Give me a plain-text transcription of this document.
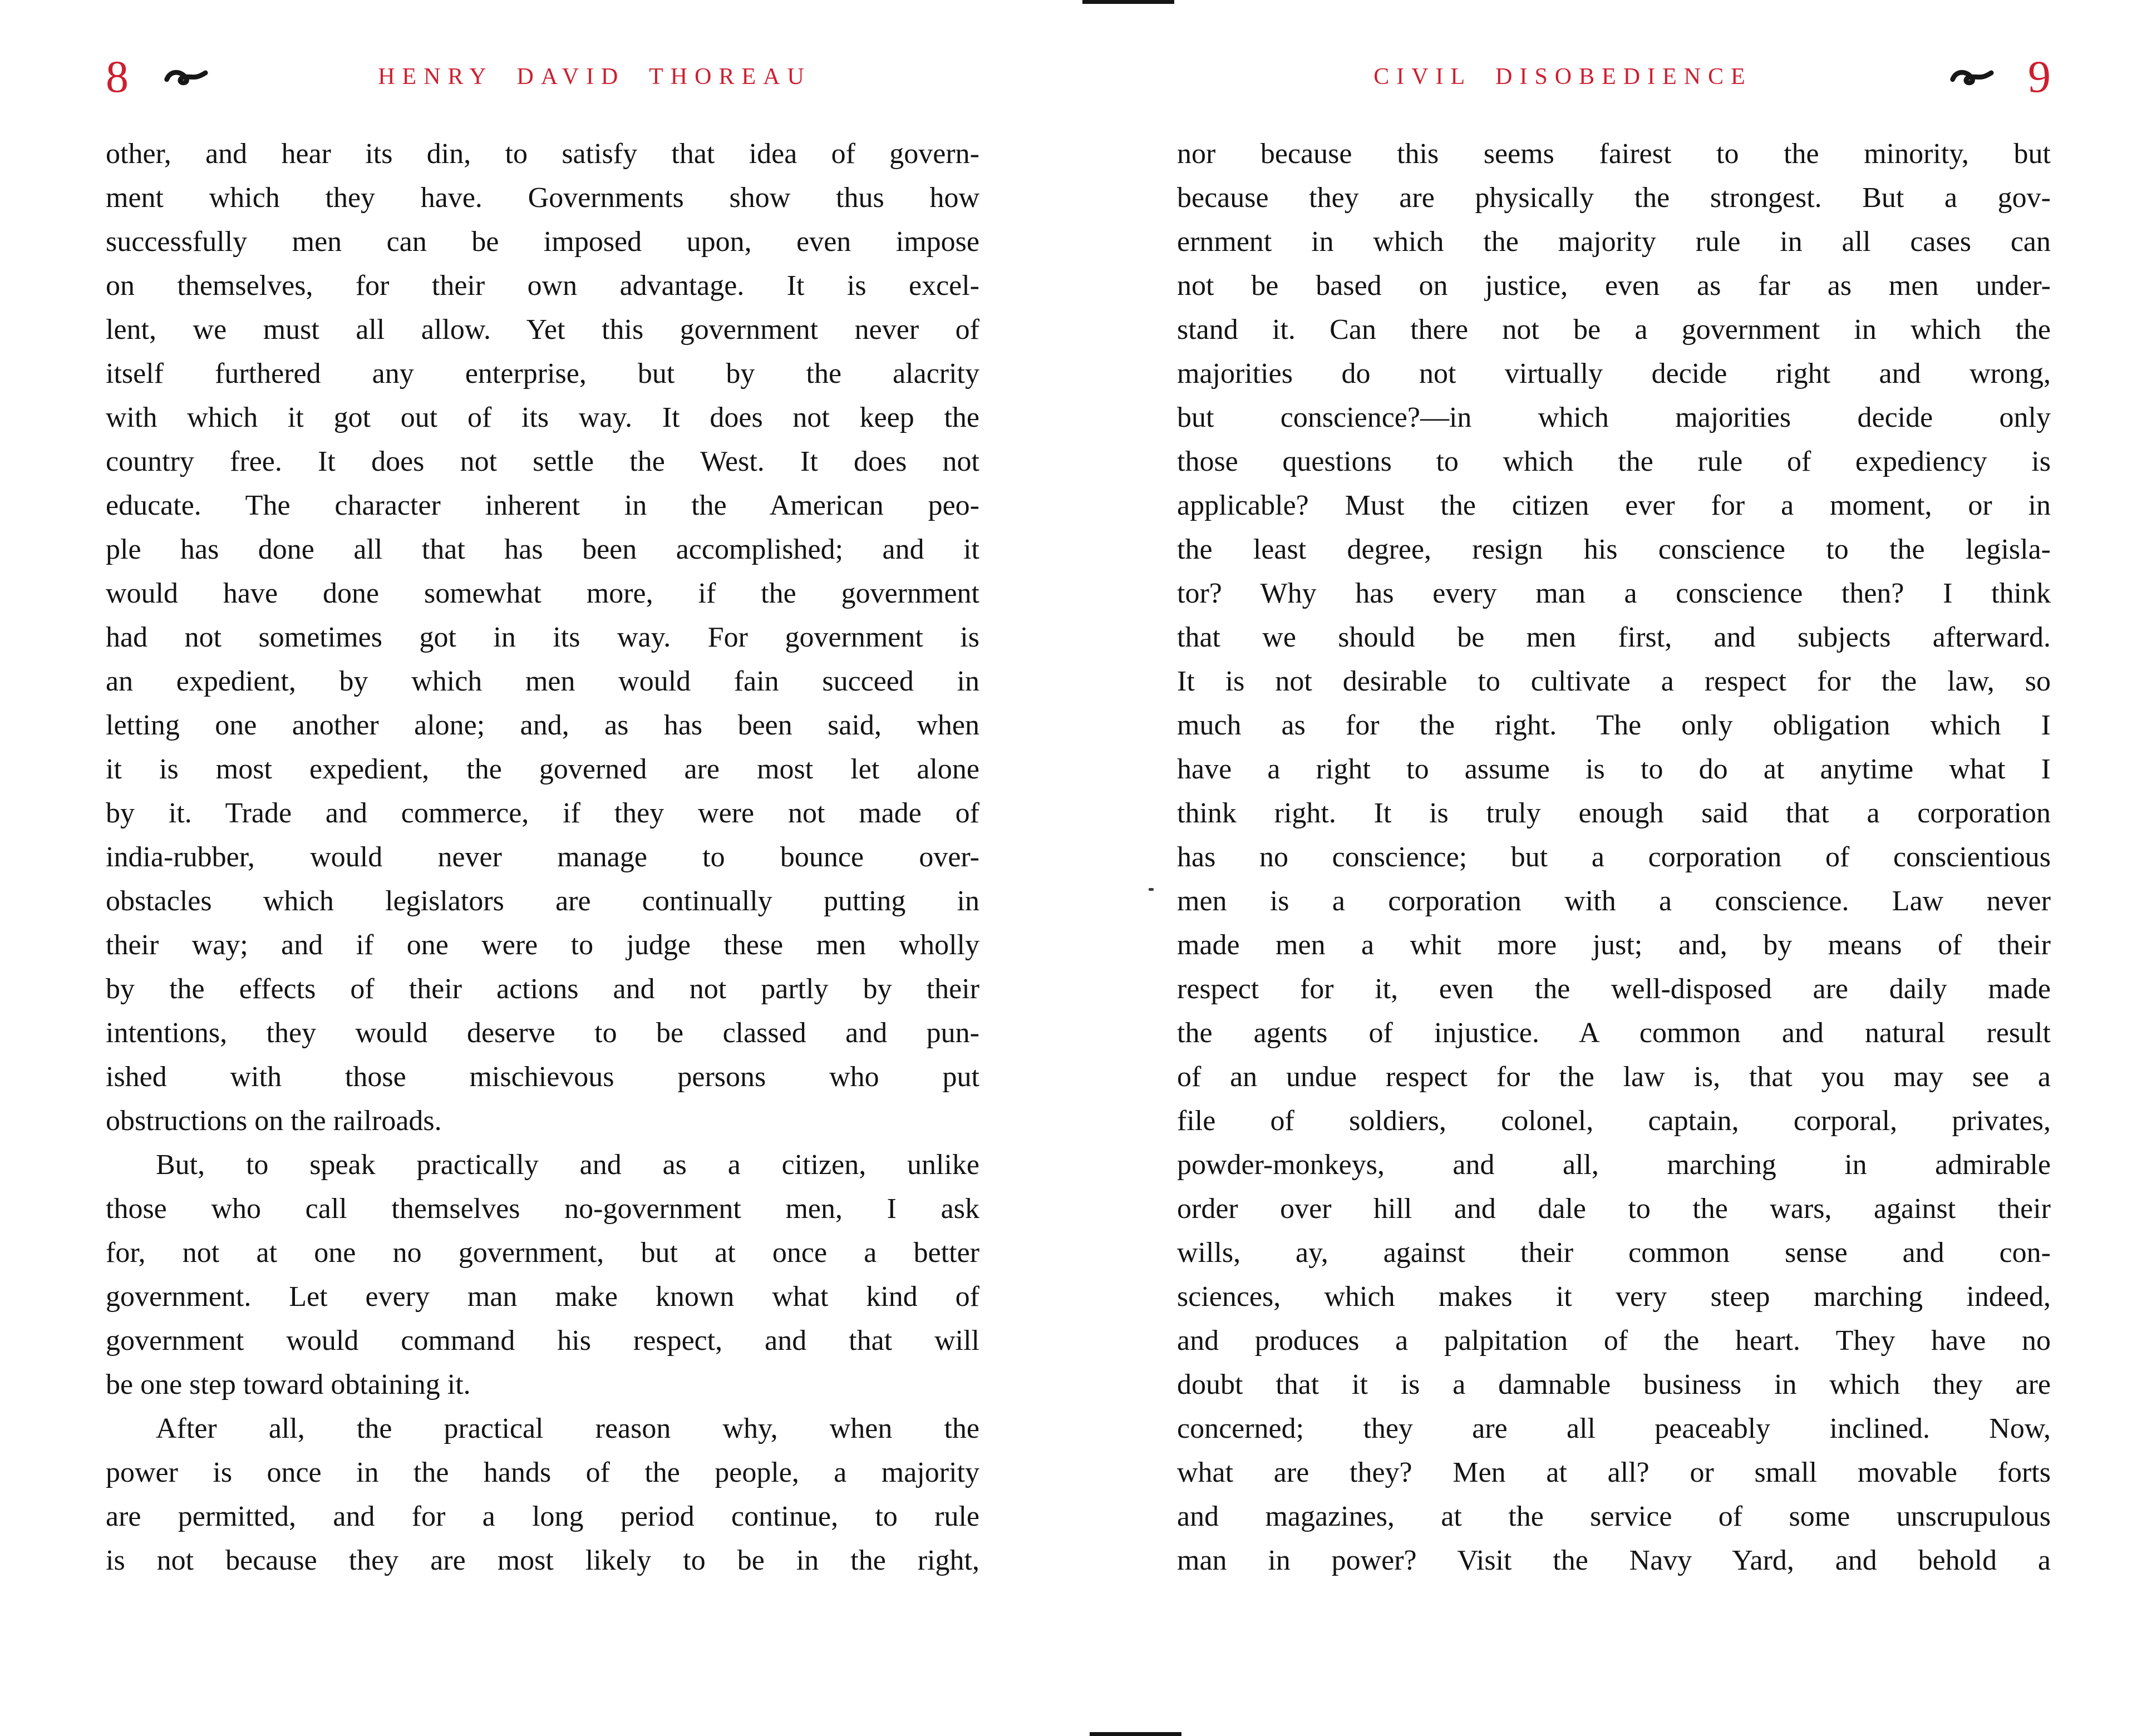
8	HENRY DAVID THOREAU	CIVIL DISOBEDIENCE	9
other, and hear its din, to satisfy that idea of govern-
ment which they have. Governments show thus how
successfully men can be imposed upon, even impose
on themselves, for their own advantage. It is excel-
lent, we must all allow. Yet this government never of
itself furthered any enterprise, but by the alacrity
with which it got out of its way. It does not keep the
country free. It does not settle the West. It does not
educate. The character inherent in the American peo-
ple has done all that has been accomplished; and it
would have done somewhat more, if the government
had not sometimes got in its way. For government is
an expedient, by which men would fain succeed in
letting one another alone; and, as has been said, when
it is most expedient, the governed are most let alone
by it. Trade and commerce, if they were not made of
india-rubber, would never manage to bounce over-
obstacles which legislators are continually putting in
their way; and if one were to judge these men wholly
by the effects of their actions and not partly by their
intentions, they would deserve to be classed and pun-
ished with those mischievous persons who put
obstructions on the railroads.
But, to speak practically and as a citizen, unlike
those who call themselves no-government men, I ask
for, not at one no government, but at once a better
government. Let every man make known what kind of
government would command his respect, and that will
be one step toward obtaining it.
After all, the practical reason why, when the
power is once in the hands of the people, a majority
are permitted, and for a long period continue, to rule
is not because they are most likely to be in the right,
nor because this seems fairest to the minority, but
because they are physically the strongest. But a gov-
ernment in which the majority rule in all cases can
not be based on justice, even as far as men under-
stand it. Can there not be a government in which the
majorities do not virtually decide right and wrong,
but conscience?—in which majorities decide only
those questions to which the rule of expediency is
applicable? Must the citizen ever for a moment, or in
the least degree, resign his conscience to the legisla-
tor? Why has every man a conscience then? I think
that we should be men first, and subjects afterward.
It is not desirable to cultivate a respect for the law, so
much as for the right. The only obligation which I
have a right to assume is to do at anytime what I
think right. It is truly enough said that a corporation
has no conscience; but a corporation of conscientious
men is a corporation with a conscience. Law never
made men a whit more just; and, by means of their
respect for it, even the well-disposed are daily made
the agents of injustice. A common and natural result
of an undue respect for the law is, that you may see a
file of soldiers, colonel, captain, corporal, privates,
powder-monkeys, and all, marching in admirable
order over hill and dale to the wars, against their
wills, ay, against their common sense and con-
sciences, which makes it very steep marching indeed,
and produces a palpitation of the heart. They have no
doubt that it is a damnable business in which they are
concerned; they are all peaceably inclined. Now,
what are they? Men at all? or small movable forts
and magazines, at the service of some unscrupulous
man in power? Visit the Navy Yard, and behold a
